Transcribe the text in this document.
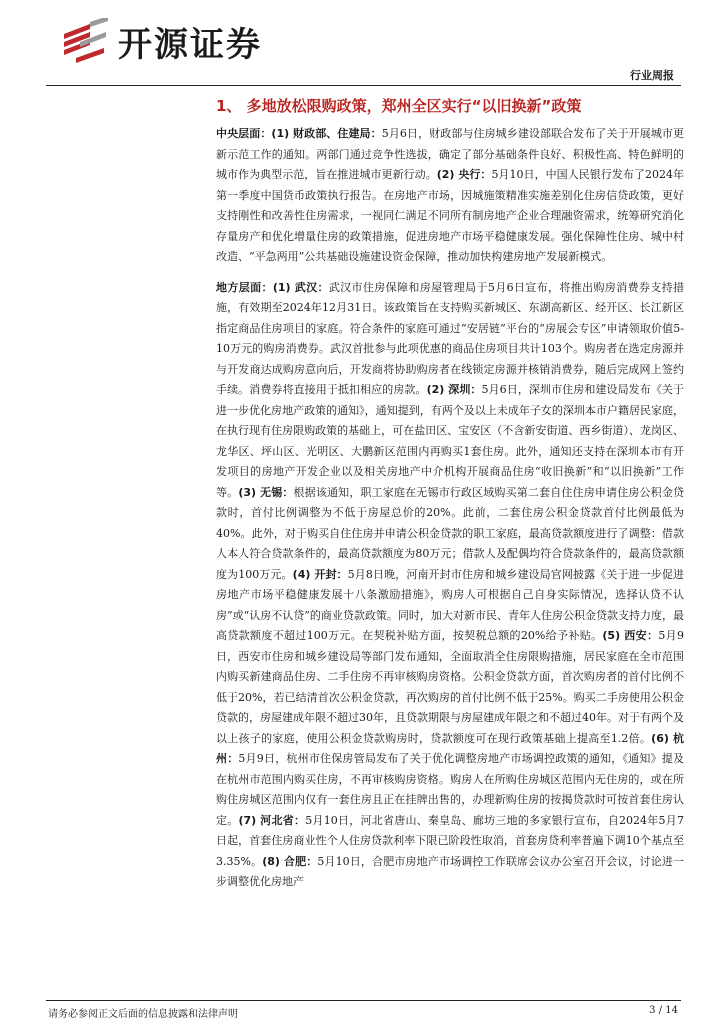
开源证券
行业周报
1、 多地放松限购政策，郑州全区实行“以旧换新”政策

中央层面：(1) 财政部、住建局：5月6日，财政部与住房城乡建设部联合发布了关于开展城市更新示范工作的通知。两部门通过竞争性选拔，确定了部分基础条件良好、积极性高、特色鲜明的城市作为典型示范，旨在推进城市更新行动。(2) 央行：5月10日，中国人民银行发布了2024年第一季度中国货币政策执行报告。在房地产市场，因城施策精准实施差别化住房信贷政策，更好支持刚性和改善性住房需求，一视同仁满足不同所有制房地产企业合理融资需求，统筹研究消化存量房产和优化增量住房的政策措施，促进房地产市场平稳健康发展。强化保障性住房、城中村改造、“平急两用”公共基础设施建设资金保障，推动加快构建房地产发展新模式。

地方层面：(1) 武汉：武汉市住房保障和房屋管理局于5月6日宣布，将推出购房消费券支持措施，有效期至2024年12月31日。该政策旨在支持购买新城区、东湖高新区、经开区、长江新区指定商品住房项目的家庭。符合条件的家庭可通过“安居链”平台的“房展会专区”申请领取价值5-10万元的购房消费券。武汉首批参与此项优惠的商品住房项目共计103个。购房者在选定房源并与开发商达成购房意向后，开发商将协助购房者在线锁定房源并核销消费券，随后完成网上签约手续。消费券将直接用于抵扣相应的房款。(2) 深圳：5月6日，深圳市住房和建设局发布《关于进一步优化房地产政策的通知》，通知提到，有两个及以上未成年子女的深圳本市户籍居民家庭，在执行现有住房限购政策的基础上，可在盐田区、宝安区（不含新安街道、西乡街道）、龙岗区、龙华区、坪山区、光明区、大鹏新区范围内再购买1套住房。此外，通知还支持在深圳本市有开发项目的房地产开发企业以及相关房地产中介机构开展商品住房“收旧换新”和“以旧换新”工作等。(3) 无锡：根据该通知，职工家庭在无锡市行政区域购买第二套自住住房申请住房公积金贷款时，首付比例调整为不低于房屋总价的20%。此前，二套住房公积金贷款首付比例最低为40%。此外，对于购买自住住房并申请公积金贷款的职工家庭，最高贷款额度进行了调整：借款人本人符合贷款条件的，最高贷款额度为80万元；借款人及配偶均符合贷款条件的，最高贷款额度为100万元。(4) 开封：5月8日晚，河南开封市住房和城乡建设局官网披露《关于进一步促进房地产市场平稳健康发展十八条激励措施》，购房人可根据自己自身实际情况，选择认贷不认房”或“认房不认贷”的商业贷款政策。同时，加大对新市民、青年人住房公积金贷款支持力度，最高贷款额度不超过100万元。在契税补贴方面，按契税总额的20%给予补贴。(5) 西安：5月9日，西安市住房和城乡建设局等部门发布通知，全面取消全住房限购措施，居民家庭在全市范围内购买新建商品住房、二手住房不再审核购房资格。公积金贷款方面，首次购房者的首付比例不低于20%，若已结清首次公积金贷款，再次购房的首付比例不低于25%。购买二手房使用公积金贷款的，房屋建成年限不超过30年，且贷款期限与房屋建成年限之和不超过40年。对于有两个及以上孩子的家庭，使用公积金贷款购房时，贷款额度可在现行政策基础上提高至1.2倍。(6) 杭州：5月9日，杭州市住保房管局发布了关于优化调整房地产市场调控政策的通知，《通知》提及在杭州市范围内购买住房，不再审核购房资格。购房人在所购住房城区范围内无住房的，或在所购住房城区范围内仅有一套住房且正在挂牌出售的，办理新购住房的按揭贷款时可按首套住房认定。(7) 河北省：5月10日，河北省唐山、秦皇岛、廊坊三地的多家银行宣布，自2024年5月7日起，首套住房商业性个人住房贷款利率下限已阶段性取消，首套房贷利率普遍下调10个基点至3.35%。(8) 合肥：5月10日，合肥市房地产市场调控工作联席会议办公室召开会议，讨论进一步调整优化房地产

请务必参阅正文后面的信息披露和法律声明	3 / 14
